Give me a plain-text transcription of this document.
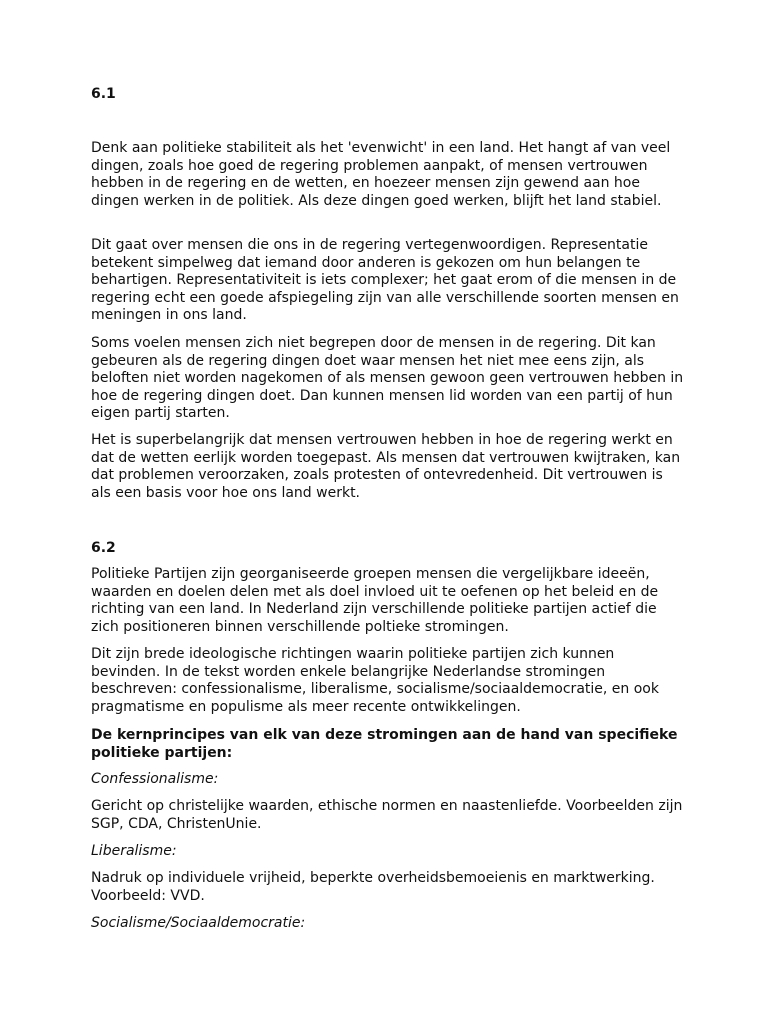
6.1

Denk aan politieke stabiliteit als het 'evenwicht' in een land. Het hangt af van veel dingen, zoals hoe goed de regering problemen aanpakt, of mensen vertrouwen hebben in de regering en de wetten, en hoezeer mensen zijn gewend aan hoe dingen werken in de politiek. Als deze dingen goed werken, blijft het land stabiel.

Dit gaat over mensen die ons in de regering vertegenwoordigen. Representatie betekent simpelweg dat iemand door anderen is gekozen om hun belangen te behartigen. Representativiteit is iets complexer; het gaat erom of die mensen in de regering echt een goede afspiegeling zijn van alle verschillende soorten mensen en meningen in ons land.

Soms voelen mensen zich niet begrepen door de mensen in de regering. Dit kan gebeuren als de regering dingen doet waar mensen het niet mee eens zijn, als beloften niet worden nagekomen of als mensen gewoon geen vertrouwen hebben in hoe de regering dingen doet. Dan kunnen mensen lid worden van een partij of hun eigen partij starten.

Het is superbelangrijk dat mensen vertrouwen hebben in hoe de regering werkt en dat de wetten eerlijk worden toegepast. Als mensen dat vertrouwen kwijtraken, kan dat problemen veroorzaken, zoals protesten of ontevredenheid. Dit vertrouwen is als een basis voor hoe ons land werkt.

6.2

Politieke Partijen zijn georganiseerde groepen mensen die vergelijkbare ideeën, waarden en doelen delen met als doel invloed uit te oefenen op het beleid en de richting van een land. In Nederland zijn verschillende politieke partijen actief die zich positioneren binnen verschillende poltieke stromingen.

Dit zijn brede ideologische richtingen waarin politieke partijen zich kunnen bevinden. In de tekst worden enkele belangrijke Nederlandse stromingen beschreven: confessionalisme, liberalisme, socialisme/sociaaldemocratie, en ook pragmatisme en populisme als meer recente ontwikkelingen.

De kernprincipes van elk van deze stromingen aan de hand van specifieke politieke partijen:

Confessionalisme:

Gericht op christelijke waarden, ethische normen en naastenliefde. Voorbeelden zijn SGP, CDA, ChristenUnie.

Liberalisme:

Nadruk op individuele vrijheid, beperkte overheidsbemoeienis en marktwerking. Voorbeeld: VVD.

Socialisme/Sociaaldemocratie:
